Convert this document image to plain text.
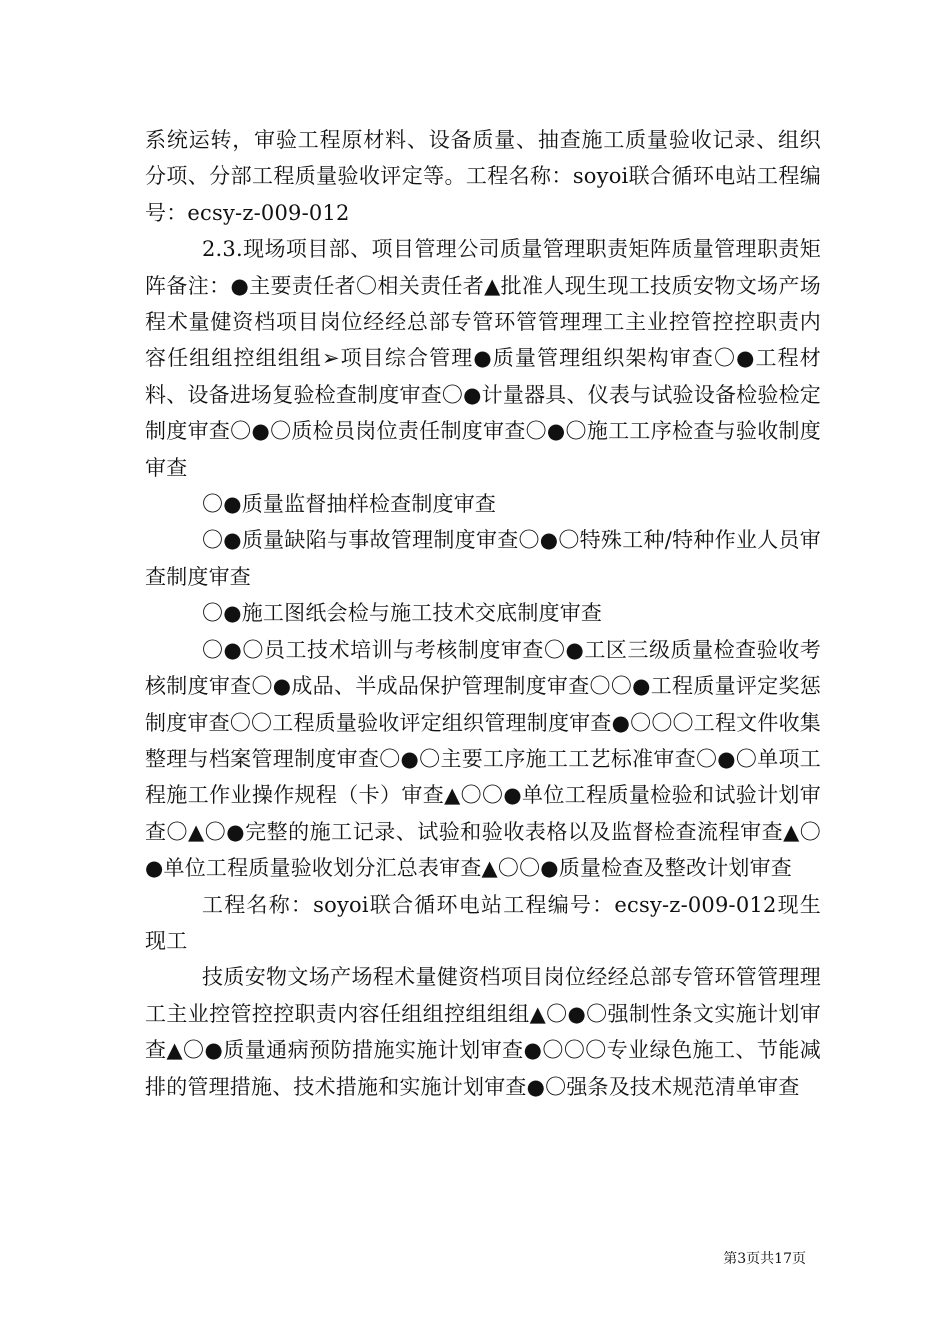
系统运转，审验工程原材料、设备质量、抽查施工质量验收记录、组织分项、分部工程质量验收评定等。工程名称：soyoi联合循环电站工程编号：ecsy-z-009-012

2.3.现场项目部、项目管理公司质量管理职责矩阵质量管理职责矩阵备注：●主要责任者〇相关责任者▲批准人现生现工技质安物文场产场程术量健资档项目岗位经经总部专管环管管理理工主业控管控控职责内容任组组控组组组➢项目综合管理●质量管理组织架构审查〇●工程材料、设备进场复验检查制度审查〇●计量器具、仪表与试验设备检验检定制度审查〇●〇质检员岗位责任制度审查〇●〇施工工序检查与验收制度审查

〇●质量监督抽样检查制度审查

〇●质量缺陷与事故管理制度审查〇●〇特殊工种/特种作业人员审查制度审查

〇●施工图纸会检与施工技术交底制度审查

〇●〇员工技术培训与考核制度审查〇●工区三级质量检查验收考核制度审查〇●成品、半成品保护管理制度审查〇〇●工程质量评定奖惩制度审查〇〇工程质量验收评定组织管理制度审查●〇〇〇工程文件收集整理与档案管理制度审查〇●〇主要工序施工工艺标准审查〇●〇单项工程施工作业操作规程（卡）审查▲〇〇●单位工程质量检验和试验计划审查〇▲〇●完整的施工记录、试验和验收表格以及监督检查流程审查▲〇●单位工程质量验收划分汇总表审查▲〇〇●质量检查及整改计划审查

工程名称：soyoi联合循环电站工程编号：ecsy-z-009-012现生现工

技质安物文场产场程术量健资档项目岗位经经总部专管环管管理理工主业控管控控职责内容任组组控组组组▲〇●〇强制性条文实施计划审查▲〇●质量通病预防措施实施计划审查●〇〇〇专业绿色施工、节能减排的管理措施、技术措施和实施计划审查●〇强条及技术规范清单审查

第3页共17页
